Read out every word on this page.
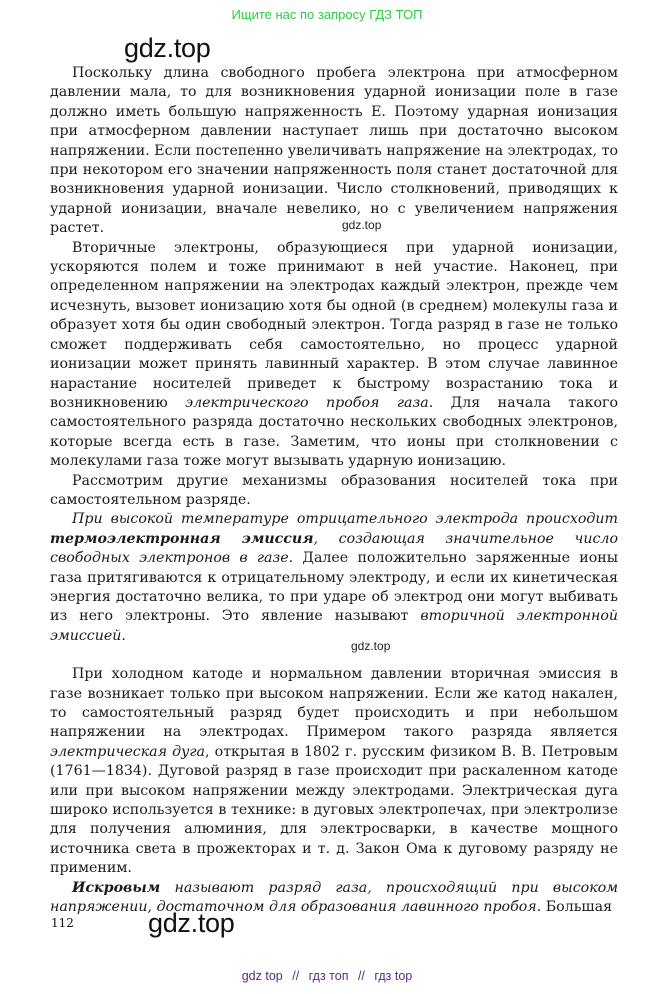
Ищите нас по запросу ГДЗ ТОП
gdz.top
gdz.top
gdz.top

Поскольку длина свободного пробега электрона при атмосферном давлении мала, то для возникновения ударной ионизации поле в газе должно иметь большую напряженность E. Поэтому ударная ионизация при атмосферном давлении наступает лишь при достаточно высоком напряжении. Если постепенно увеличивать напряжение на электродах, то при некотором его значении напряженность поля станет достаточной для возникновения ударной ионизации. Число столкновений, приводящих к ударной ионизации, вначале невелико, но с увеличением напряжения растет.

Вторичные электроны, образующиеся при ударной ионизации, ускоряются полем и тоже принимают в ней участие. Наконец, при определенном напряжении на электродах каждый электрон, прежде чем исчезнуть, вызовет ионизацию хотя бы одной (в среднем) молекулы газа и образует хотя бы один свободный электрон. Тогда разряд в газе не только сможет поддерживать себя самостоятельно, но процесс ударной ионизации может принять лавинный характер. В этом случае лавинное нарастание носителей приведет к быстрому возрастанию тока и возникновению электрического пробоя газа. Для начала такого самостоятельного разряда достаточно нескольких свободных электронов, которые всегда есть в газе. Заметим, что ионы при столкновении с молекулами газа тоже могут вызывать ударную ионизацию.

Рассмотрим другие механизмы образования носителей тока при самостоятельном разряде.

При высокой температуре отрицательного электрода происходит термоэлектронная эмиссия, создающая значительное число свободных электронов в газе. Далее положительно заряженные ионы газа притягиваются к отрицательному электроду, и если их кинетическая энергия достаточно велика, то при ударе об электрод они могут выбивать из него электроны. Это явление называют вторичной электронной эмиссией.

При холодном катоде и нормальном давлении вторичная эмиссия в газе возникает только при высоком напряжении. Если же катод накален, то самостоятельный разряд будет происходить и при небольшом напряжении на электродах. Примером такого разряда является электрическая дуга, открытая в 1802 г. русским физиком В. В. Петровым (1761—1834). Дуговой разряд в газе происходит при раскаленном катоде или при высоком напряжении между электродами. Электрическая дуга широко используется в технике: в дуговых электропечах, при электролизе для получения алюминия, для электросварки, в качестве мощного источника света в прожекторах и т. д. Закон Ома к дуговому разряду не применим.

Искровым называют разряд газа, происходящий при высоком напряжении, достаточном для образования лавинного пробоя. Большая

112	gdz.top
gdz top // гдз топ // гдз top
